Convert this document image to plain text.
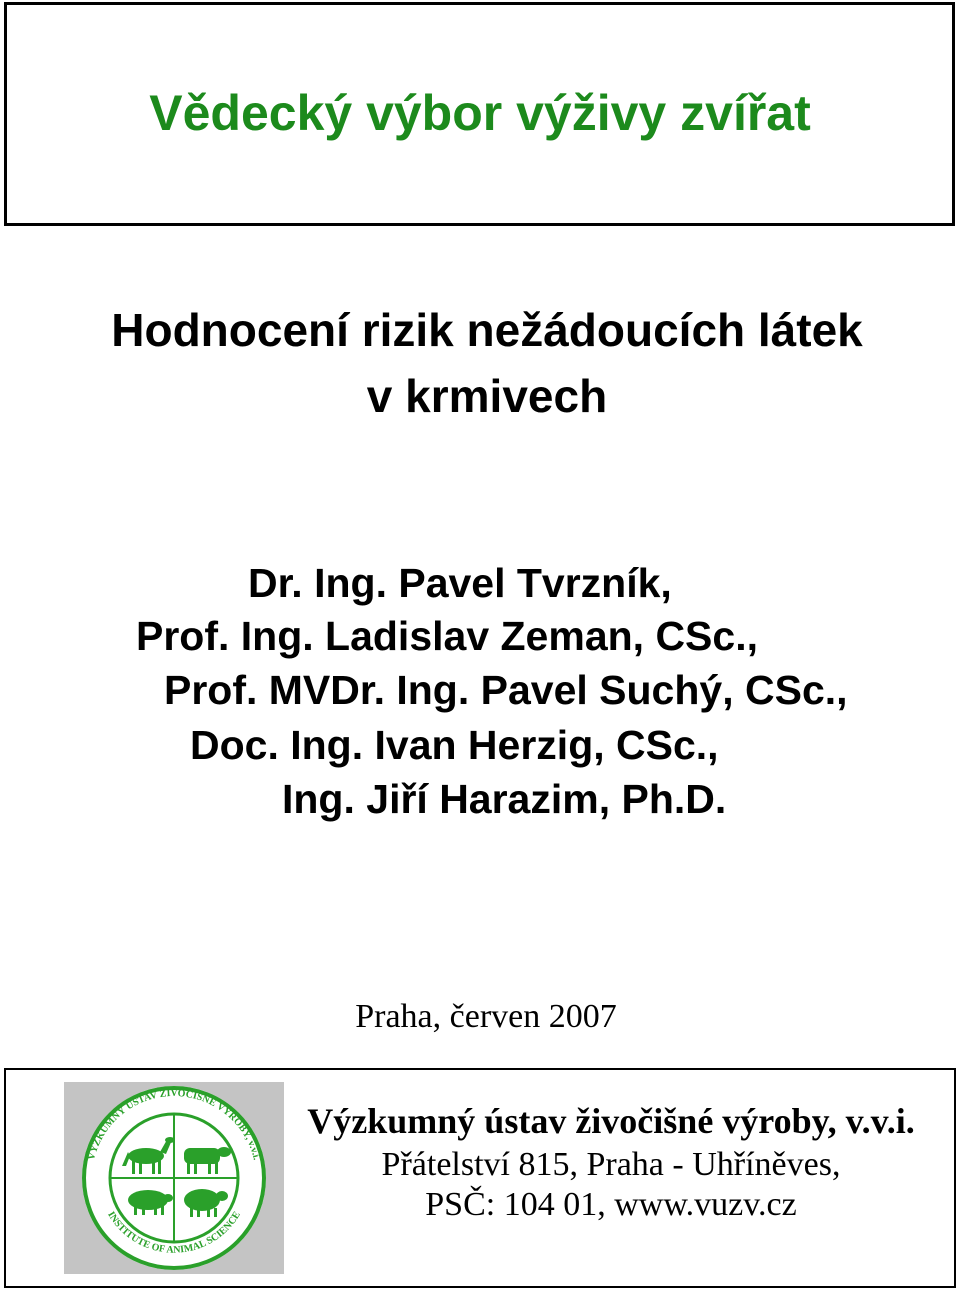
Vědecký výbor výživy zvířat
Hodnocení rizik nežádoucích látek
v krmivech
Dr. Ing. Pavel Tvrzník,
Prof. Ing. Ladislav Zeman, CSc.,
Prof. MVDr. Ing. Pavel Suchý, CSc.,
Doc. Ing. Ivan Herzig, CSc.,
Ing. Jiří Harazim, Ph.D.
Praha, červen 2007
VÝZKUMNÝ ÚSTAV ŽIVOČIŠNÉ VÝROBY, v.v.i.
INSTITUTE OF ANIMAL SCIENCE
Výzkumný ústav živočišné výroby, v.v.i.
Přátelství 815, Praha - Uhříněves,
PSČ: 104 01, www.vuzv.cz
